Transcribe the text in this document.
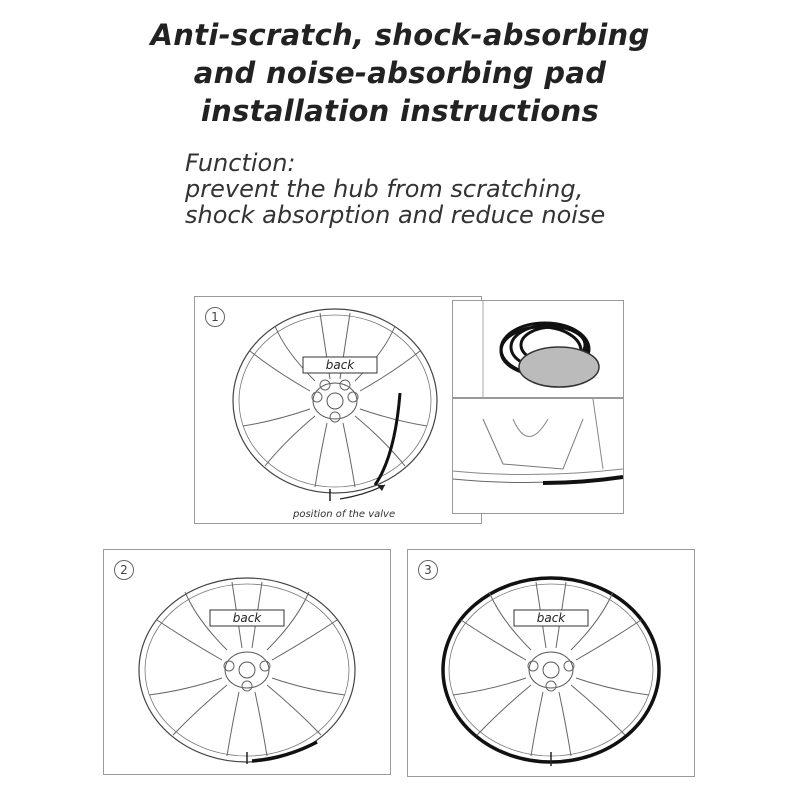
Anti-scratch, shock-absorbing
and noise-absorbing pad
installation instructions
Function:
prevent the hub from scratching,
shock absorption and reduce noise
1
back
position of the valve
2
back
3
back
